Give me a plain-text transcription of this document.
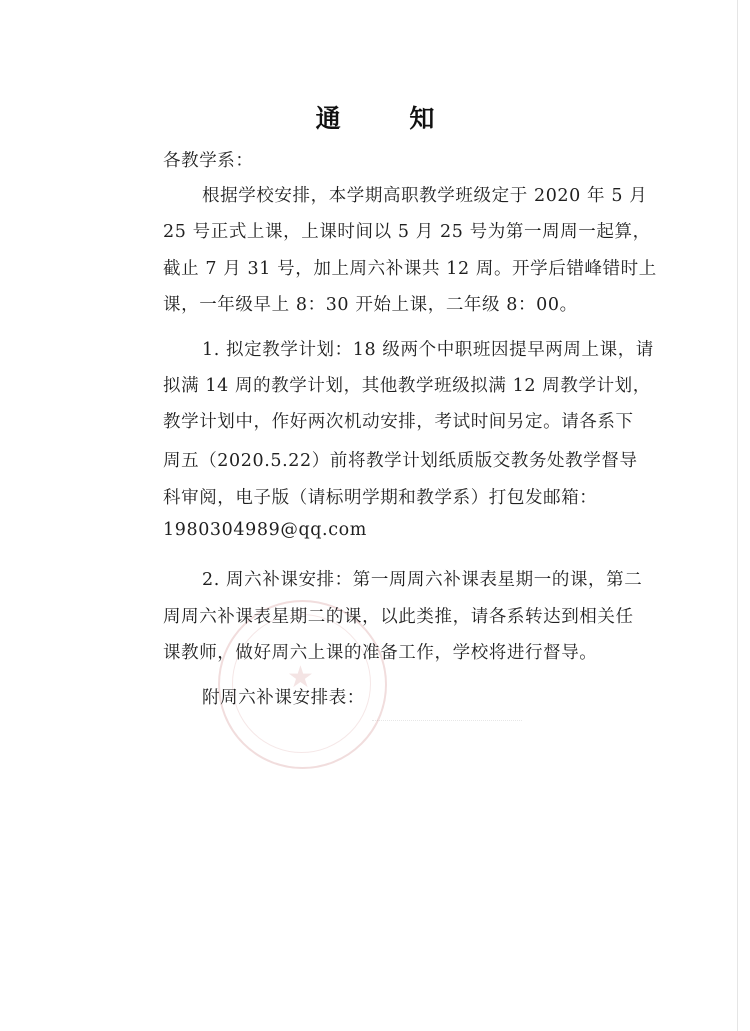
★
通 知
各教学系：
根据学校安排，本学期高职教学班级定于 2020 年 5 月
25 号正式上课，上课时间以 5 月 25 号为第一周周一起算，
截止 7 月 31 号，加上周六补课共 12 周。开学后错峰错时上
课，一年级早上 8：30 开始上课，二年级 8：00。
1. 拟定教学计划：18 级两个中职班因提早两周上课，请
拟满 14 周的教学计划，其他教学班级拟满 12 周教学计划，
教学计划中，作好两次机动安排，考试时间另定。请各系下
周五（2020.5.22）前将教学计划纸质版交教务处教学督导
科审阅，电子版（请标明学期和教学系）打包发邮箱：
1980304989@qq.com
2. 周六补课安排：第一周周六补课表星期一的课，第二
周周六补课表星期二的课，以此类推，请各系转达到相关任
课教师，做好周六上课的准备工作，学校将进行督导。
附周六补课安排表：
